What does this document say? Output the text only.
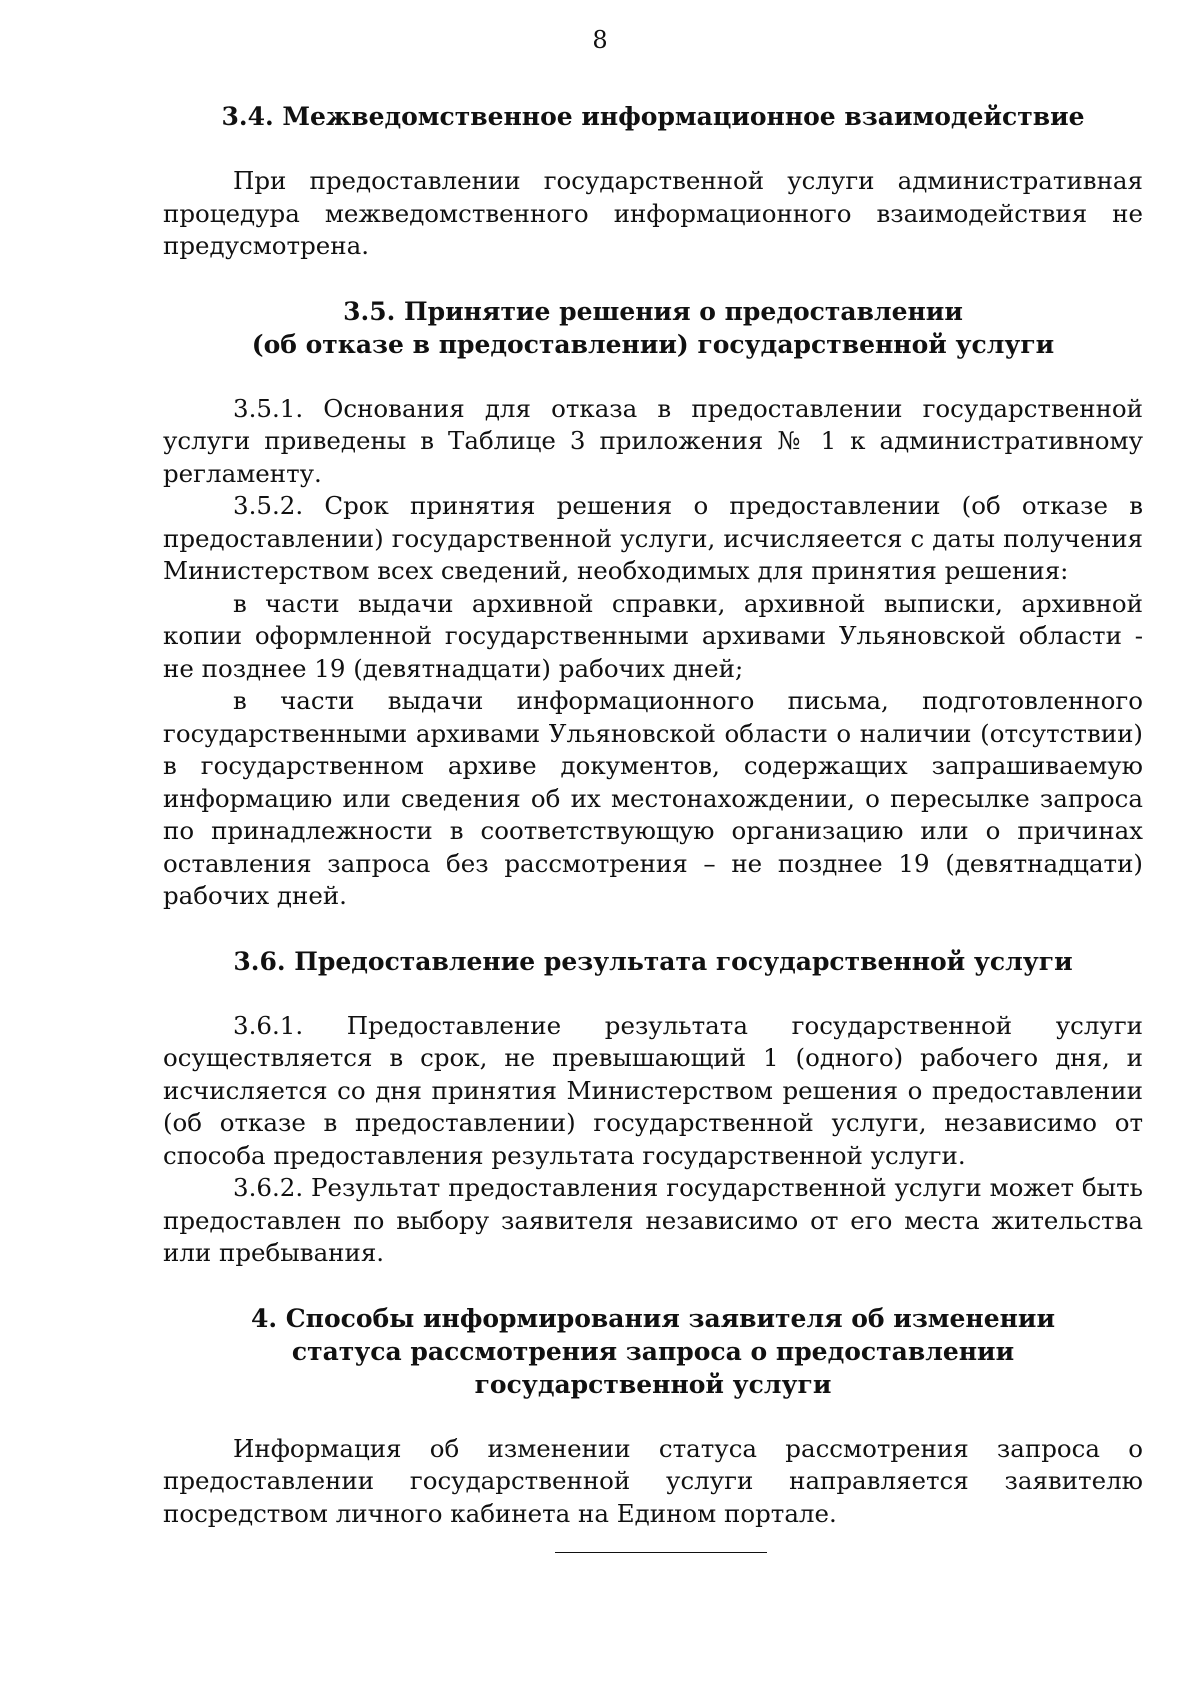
8
3.4. Межведомственное информационное взаимодействие

При предоставлении государственной услуги административная процедура межведомственного информационного взаимодействия не предусмотрена.

3.5. Принятие решения о предоставлении
(об отказе в предоставлении) государственной услуги

3.5.1. Основания для отказа в предоставлении государственной услуги приведены в Таблице 3 приложения № 1 к административному регламенту.

3.5.2. Срок принятия решения о предоставлении (об отказе в предоставлении) государственной услуги, исчисляеется с даты получения Министерством всех сведений, необходимых для принятия решения:

в части выдачи архивной справки, архивной выписки, архивной копии оформленной государственными архивами Ульяновской области - не позднее 19 (девятнадцати) рабочих дней;

в части выдачи информационного письма, подготовленного государственными архивами Ульяновской области о наличии (отсутствии) в государственном архиве документов, содержащих запрашиваемую информацию или сведения об их местонахождении, о пересылке запроса по принадлежности в соответствующую организацию или о причинах оставления запроса без рассмотрения – не позднее 19 (девятнадцати) рабочих дней.

3.6. Предоставление результата государственной услуги

3.6.1. Предоставление результата государственной услуги осуществляется в срок, не превышающий 1 (одного) рабочего дня, и исчисляется со дня принятия Министерством решения о предоставлении (об отказе в предоставлении) государственной услуги, независимо от способа предоставления результата государственной услуги.

3.6.2. Результат предоставления государственной услуги может быть предоставлен по выбору заявителя независимо от его места жительства или пребывания.

4. Способы информирования заявителя об изменении
статуса рассмотрения запроса о предоставлении государственной услуги

Информация об изменении статуса рассмотрения запроса о предоставлении государственной услуги направляется заявителю посредством личного кабинета на Едином портале.
